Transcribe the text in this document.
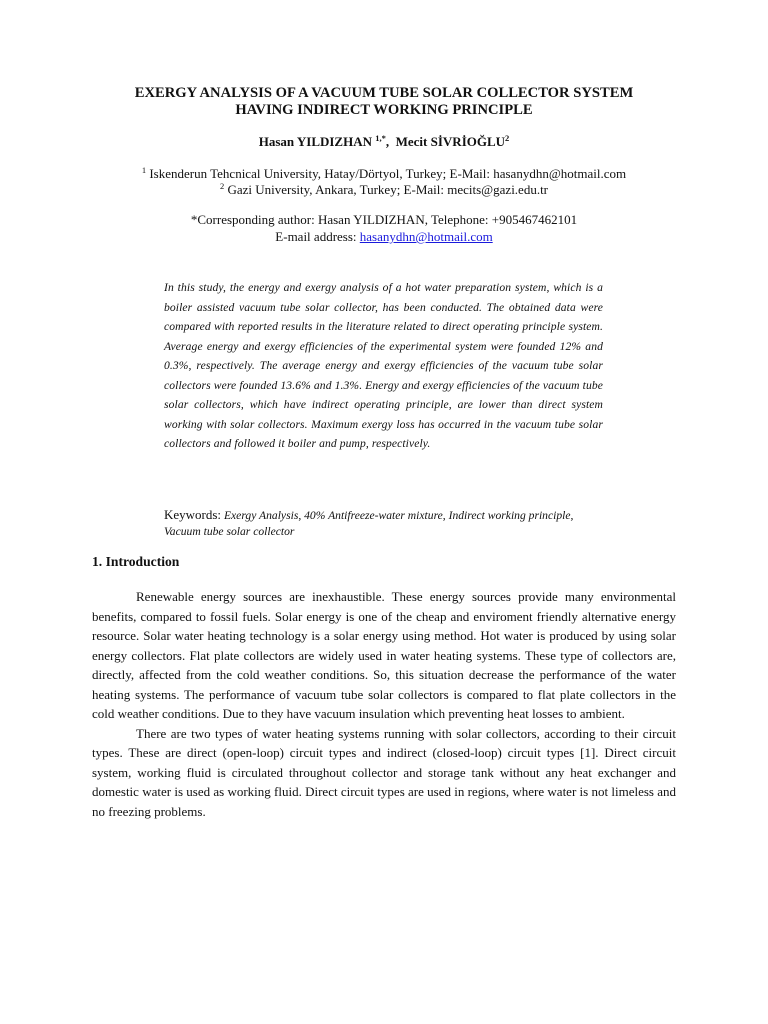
EXERGY ANALYSIS OF A VACUUM TUBE SOLAR COLLECTOR SYSTEM
HAVING INDIRECT WORKING PRINCIPLE
Hasan YILDIZHAN $^{1,*}$, Mecit SİVRİOĞLU$^2$
$^1$ Iskenderun Tehcnical University, Hatay/Dörtyol, Turkey; E-Mail: hasanydhn@hotmail.com
$^2$ Gazi University, Ankara, Turkey; E-Mail: mecits@gazi.edu.tr
*Corresponding author: Hasan YILDIZHAN, Telephone: +905467462101
E-mail address: hasanydhn@hotmail.com
In this study, the energy and exergy analysis of a hot water preparation system, which is a boiler assisted vacuum tube solar collector, has been conducted. The obtained data were compared with reported results in the literature related to direct operating principle system. Average energy and exergy efficiencies of the experimental system were founded 12% and 0.3%, respectively. The average energy and exergy efficiencies of the vacuum tube solar collectors were founded 13.6% and 1.3%. Energy and exergy efficiencies of the vacuum tube solar collectors, which have indirect operating principle, are lower than direct system working with solar collectors. Maximum exergy loss has occurred in the vacuum tube solar collectors and followed it boiler and pump, respectively.
Keywords: Exergy Analysis, 40% Antifreeze-water mixture, Indirect working principle, Vacuum tube solar collector
1. Introduction

Renewable energy sources are inexhaustible. These energy sources provide many environmental benefits, compared to fossil fuels. Solar energy is one of the cheap and enviroment friendly alternative energy resource. Solar water heating technology is a solar energy using method. Hot water is produced by using solar energy collectors. Flat plate collectors are widely used in water heating systems. These type of collectors are, directly, affected from the cold weather conditions. So, this situation decrease the performance of the water heating systems. The performance of vacuum tube solar collectors is compared to flat plate collectors in the cold weather conditions. Due to they have vacuum insulation which preventing heat losses to ambient.

There are two types of water heating systems running with solar collectors, according to their circuit types. These are direct (open-loop) circuit types and indirect (closed-loop) circuit types [1]. Direct circuit system, working fluid is circulated throughout collector and storage tank without any heat exchanger and domestic water is used as working fluid. Direct circuit types are used in regions, where water is not limeless and no freezing problems.
